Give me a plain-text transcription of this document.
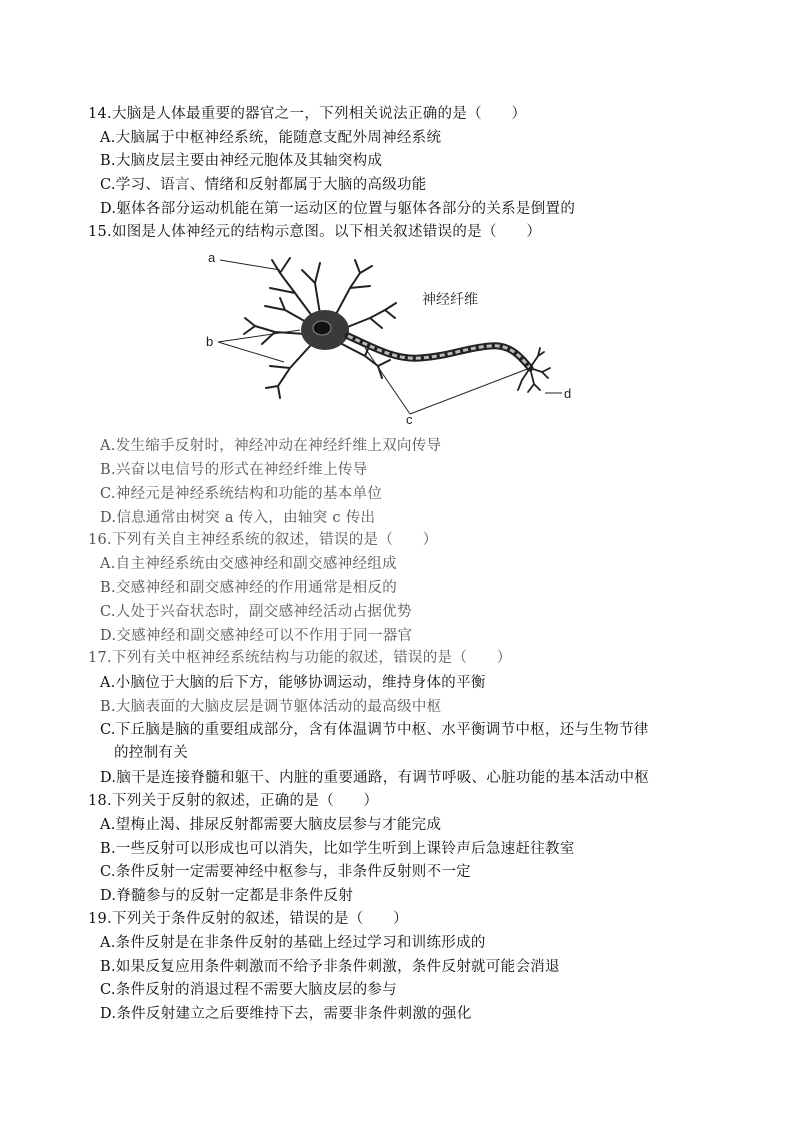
14.大脑是人体最重要的器官之一，下列相关说法正确的是（　　）
A.大脑属于中枢神经系统，能随意支配外周神经系统
B.大脑皮层主要由神经元胞体及其轴突构成
C.学习、语言、情绪和反射都属于大脑的高级功能
D.躯体各部分运动机能在第一运动区的位置与躯体各部分的关系是倒置的
15.如图是人体神经元的结构示意图。以下相关叙述错误的是（　　）
a
b
c
d
神经纤维
A.发生缩手反射时，神经冲动在神经纤维上双向传导
B.兴奋以电信号的形式在神经纤维上传导
C.神经元是神经系统结构和功能的基本单位
D.信息通常由树突 a 传入，由轴突 c 传出
16.下列有关自主神经系统的叙述，错误的是（　　）
A.自主神经系统由交感神经和副交感神经组成
B.交感神经和副交感神经的作用通常是相反的
C.人处于兴奋状态时，副交感神经活动占据优势
D.交感神经和副交感神经可以不作用于同一器官
17.下列有关中枢神经系统结构与功能的叙述，错误的是（　　）
A.小脑位于大脑的后下方，能够协调运动，维持身体的平衡
B.大脑表面的大脑皮层是调节躯体活动的最高级中枢
C.下丘脑是脑的重要组成部分，含有体温调节中枢、水平衡调节中枢，还与生物节律
的控制有关
D.脑干是连接脊髓和躯干、内脏的重要通路，有调节呼吸、心脏功能的基本活动中枢
18.下列关于反射的叙述，正确的是（　　）
A.望梅止渴、排尿反射都需要大脑皮层参与才能完成
B.一些反射可以形成也可以消失，比如学生听到上课铃声后急速赶往教室
C.条件反射一定需要神经中枢参与，非条件反射则不一定
D.脊髓参与的反射一定都是非条件反射
19.下列关于条件反射的叙述，错误的是（　　）
A.条件反射是在非条件反射的基础上经过学习和训练形成的
B.如果反复应用条件刺激而不给予非条件刺激，条件反射就可能会消退
C.条件反射的消退过程不需要大脑皮层的参与
D.条件反射建立之后要维持下去，需要非条件刺激的强化
